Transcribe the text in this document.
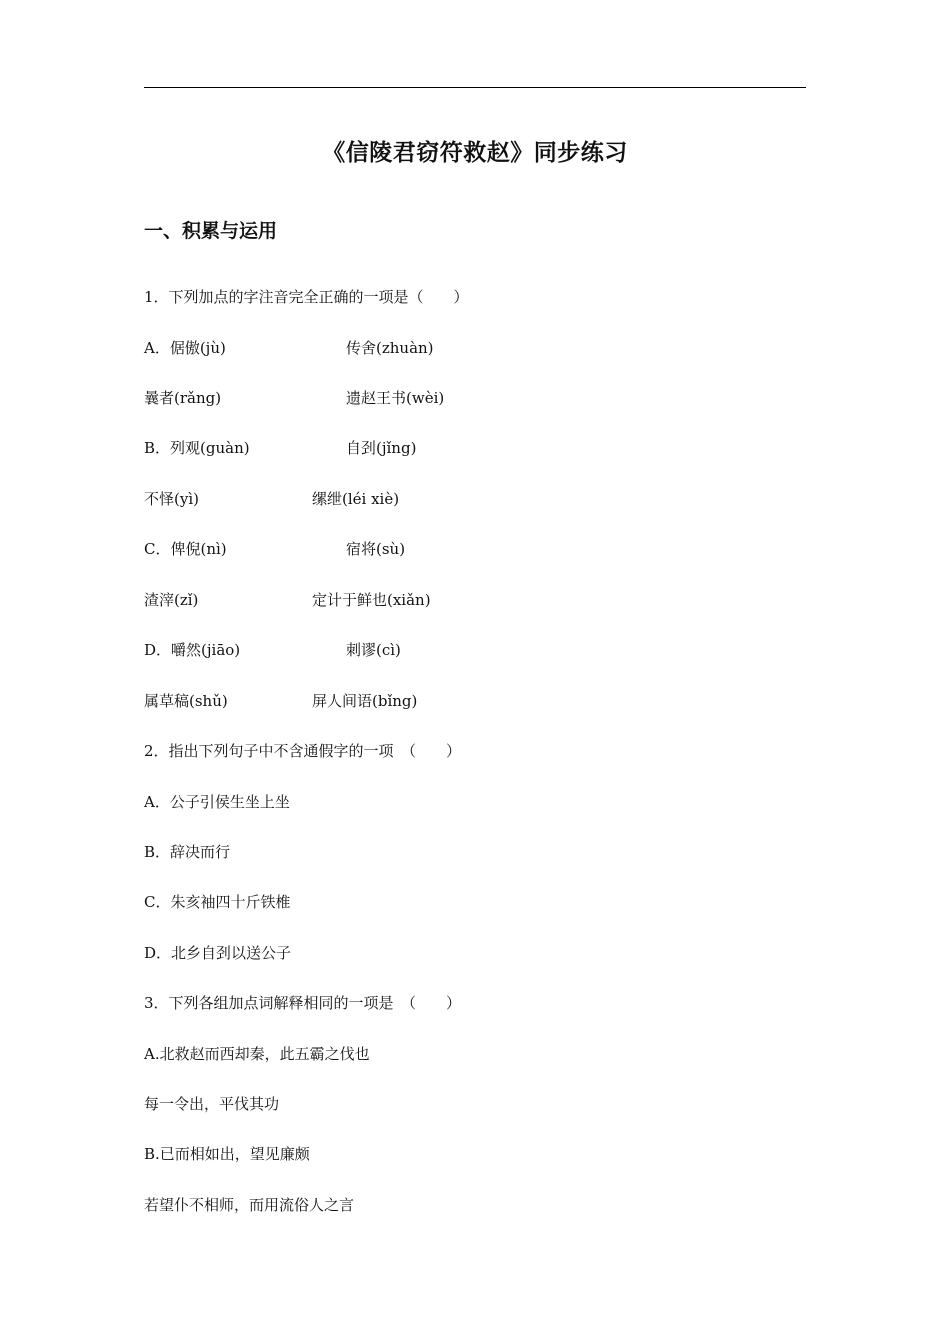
《信陵君窃符救赵》同步练习
一、积累与运用
1．下列加点的字注音完全正确的一项是（　　）
A．倨傲(jù)	传舍(zhuàn)
曩者(rǎng)	遗赵王书(wèi)
B．列观(guàn)	自刭(jǐng)
不怿(yì)	缧绁(léi xiè)
C．俾倪(nì)	宿将(sù)
渣滓(zǐ)	定计于鲜也(xiǎn)
D．嚼然(jiāo)	刺谬(cì)
属草稿(shǔ)	屏人间语(bǐng)
2．指出下列句子中不含通假字的一项　（　　）
A．公子引侯生坐上坐
B．辞决而行
C．朱亥袖四十斤铁椎
D．北乡自刭以送公子
3．下列各组加点词解释相同的一项是　（　　）
A.北救赵而西却秦，此五霸之伐也
每一令出，平伐其功
B.已而相如出，望见廉颇
若望仆不相师，而用流俗人之言
